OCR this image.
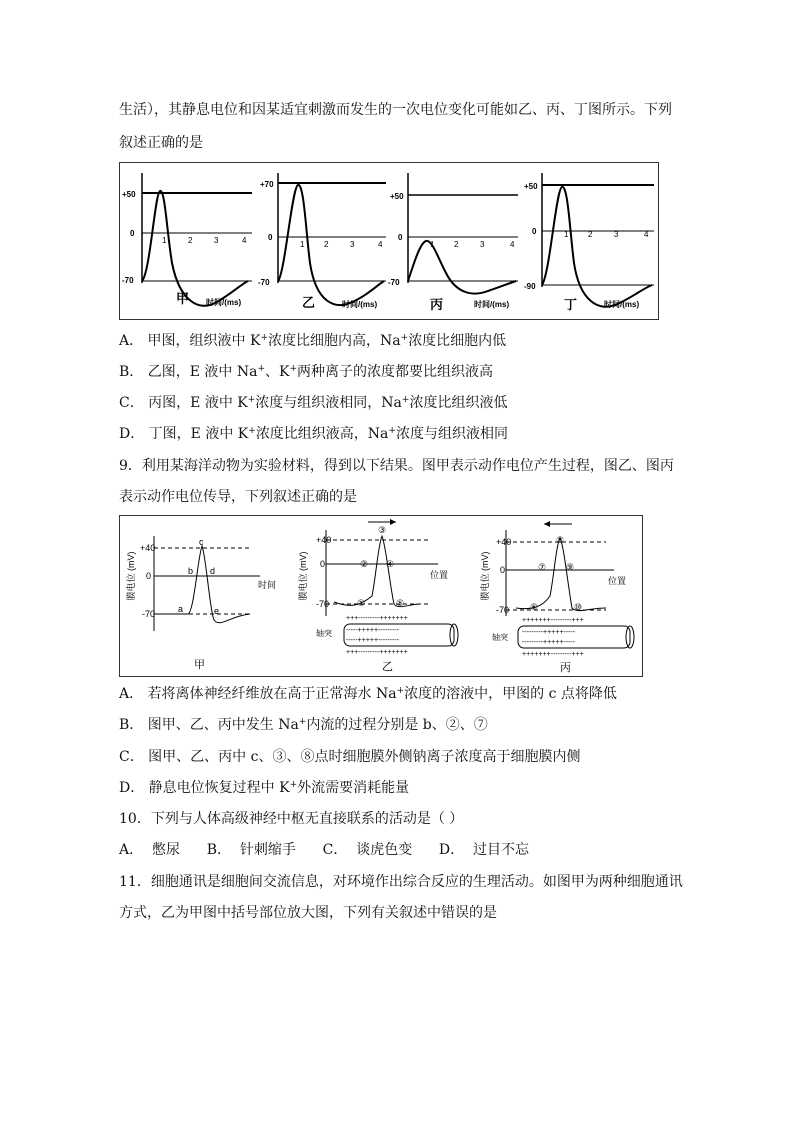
生活），其静息电位和因某适宜刺激而发生的一次电位变化可能如乙、丙、丁图所示。下列
叙述正确的是
+50
0
-70
1	2	3	4
甲 时间/(ms)
+70
0
-70
1 2	3	4
乙	时间/(ms)
+50
0
-70
1 2	3	4
丙	时间/(ms)
+50
0
-90
1 2	3	4
丁	时间/(ms)
A． 甲图，组织液中 K+浓度比细胞内高，Na+浓度比细胞内低
B． 乙图，E 液中 Na+、K+两种离子的浓度都要比组织液高
C． 丙图，E 液中 K+浓度与组织液相同，Na+浓度比组织液低
D． 丁图，E 液中 K+浓度比组织液高，Na+浓度与组织液相同
9．利用某海洋动物为实验材料，得到以下结果。图甲表示动作电位产生过程，图乙、图丙
表示动作电位传导，下列叙述正确的是
膜电位 (mV)
+40
0
-70
时间
a
b
c
d
e
甲
膜电位 (mV)
+40
0
-70
位置
①
②
③
④
⑤
轴突
+++---------+++++++
-----+++++---------
-----+++++---------
+++---------+++++++
乙
膜电位 (mV)
+40
0
-70
位置
⑥
⑦
⑧
⑨
⑩
轴突
+++++++---------+++
---------+++++-----
---------+++++-----
+++++++---------+++
丙
A． 若将离体神经纤维放在高于正常海水 Na+浓度的溶液中，甲图的 c 点将降低
B． 图甲、乙、丙中发生 Na+内流的过程分别是 b、②、⑦
C． 图甲、乙、丙中 c、③、⑧点时细胞膜外侧钠离子浓度高于细胞膜内侧
D． 静息电位恢复过程中 K+外流需要消耗能量
10．下列与人体高级神经中枢无直接联系的活动是（ ）
A．  憋尿      B．  针刺缩手      C．  谈虎色变      D．  过目不忘
11．细胞通讯是细胞间交流信息，对环境作出综合反应的生理活动。如图甲为两种细胞通讯
方式，乙为甲图中括号部位放大图，下列有关叙述中错误的是
